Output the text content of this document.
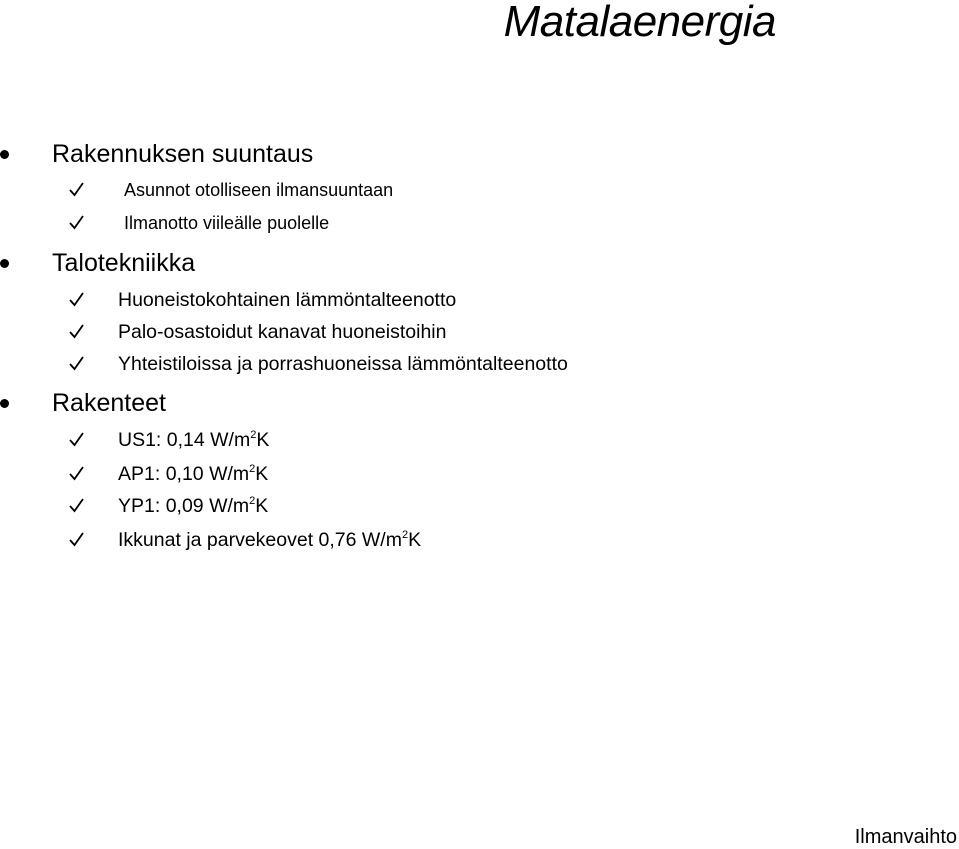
Matalaenergia
Rakennuksen suuntaus
Asunnot otolliseen ilmansuuntaan
Ilmanotto viileälle puolelle
Talotekniikka
Huoneistokohtainen lämmöntalteenotto
Palo-osastoidut kanavat huoneistoihin
Yhteistiloissa ja porrashuoneissa lämmöntalteenotto
Rakenteet
US1: 0,14 $W/m^2K$
AP1: 0,10 $W/m^2K$
YP1: 0,09 $W/m^2K$
Ikkunat ja parvekeovet 0,76 $W/m^2K$
Ilmanvaihto
